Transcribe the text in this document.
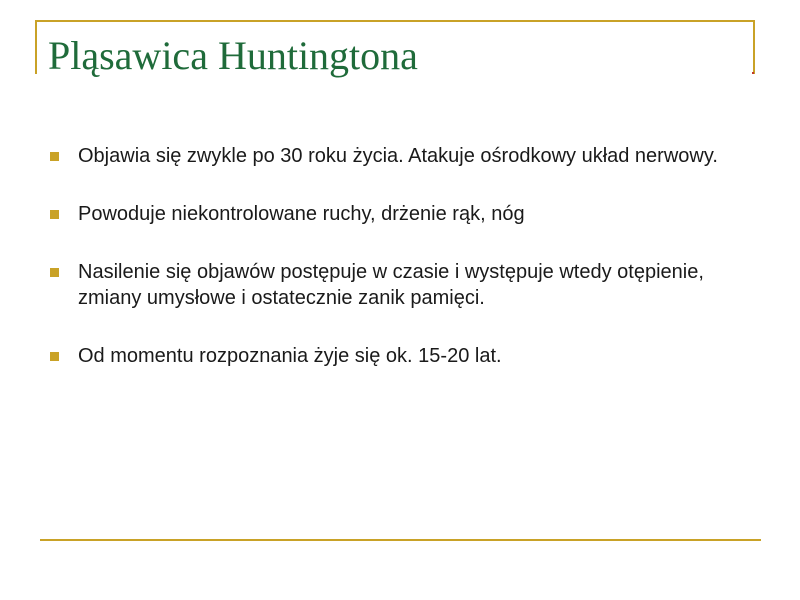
Pląsawica Huntingtona
Objawia się zwykle po 30 roku życia. Atakuje ośrodkowy układ nerwowy.
Powoduje niekontrolowane ruchy, drżenie rąk, nóg
Nasilenie się objawów postępuje w czasie i występuje wtedy otępienie, zmiany umysłowe i ostatecznie zanik pamięci.
Od momentu rozpoznania żyje się ok. 15-20 lat.
